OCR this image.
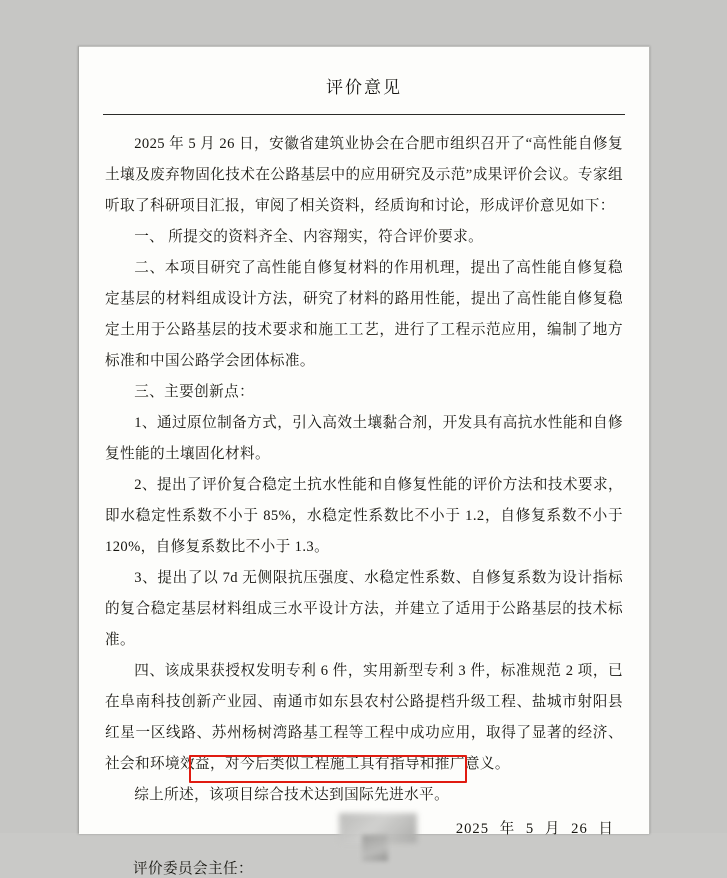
评价意见

2025 年 5 月 26 日，安徽省建筑业协会在合肥市组织召开了“高性能自修复土壤及废弃物固化技术在公路基层中的应用研究及示范”成果评价会议。专家组听取了科研项目汇报，审阅了相关资料，经质询和讨论，形成评价意见如下：

一、 所提交的资料齐全、内容翔实，符合评价要求。

二、本项目研究了高性能自修复材料的作用机理，提出了高性能自修复稳定基层的材料组成设计方法，研究了材料的路用性能，提出了高性能自修复稳定土用于公路基层的技术要求和施工工艺，进行了工程示范应用，编制了地方标准和中国公路学会团体标准。

三、主要创新点：

1、通过原位制备方式，引入高效土壤黏合剂，开发具有高抗水性能和自修复性能的土壤固化材料。

2、提出了评价复合稳定土抗水性能和自修复性能的评价方法和技术要求，即水稳定性系数不小于 85%，水稳定性系数比不小于 1.2，自修复系数不小于 120%，自修复系数比不小于 1.3。

3、提出了以 7d 无侧限抗压强度、水稳定性系数、自修复系数为设计指标的复合稳定基层材料组成三水平设计方法，并建立了适用于公路基层的技术标准。

四、该成果获授权发明专利 6 件，实用新型专利 3 件，标准规范 2 项，已在阜南科技创新产业园、南通市如东县农村公路提档升级工程、盐城市射阳县红星一区线路、苏州杨树湾路基工程等工程中成功应用，取得了显著的经济、社会和环境效益，对今后类似工程施工具有指导和推广意义。

综上所述，该项目综合技术达到国际先进水平。

评价委员会主任：
2025 年 5 月 26 日
